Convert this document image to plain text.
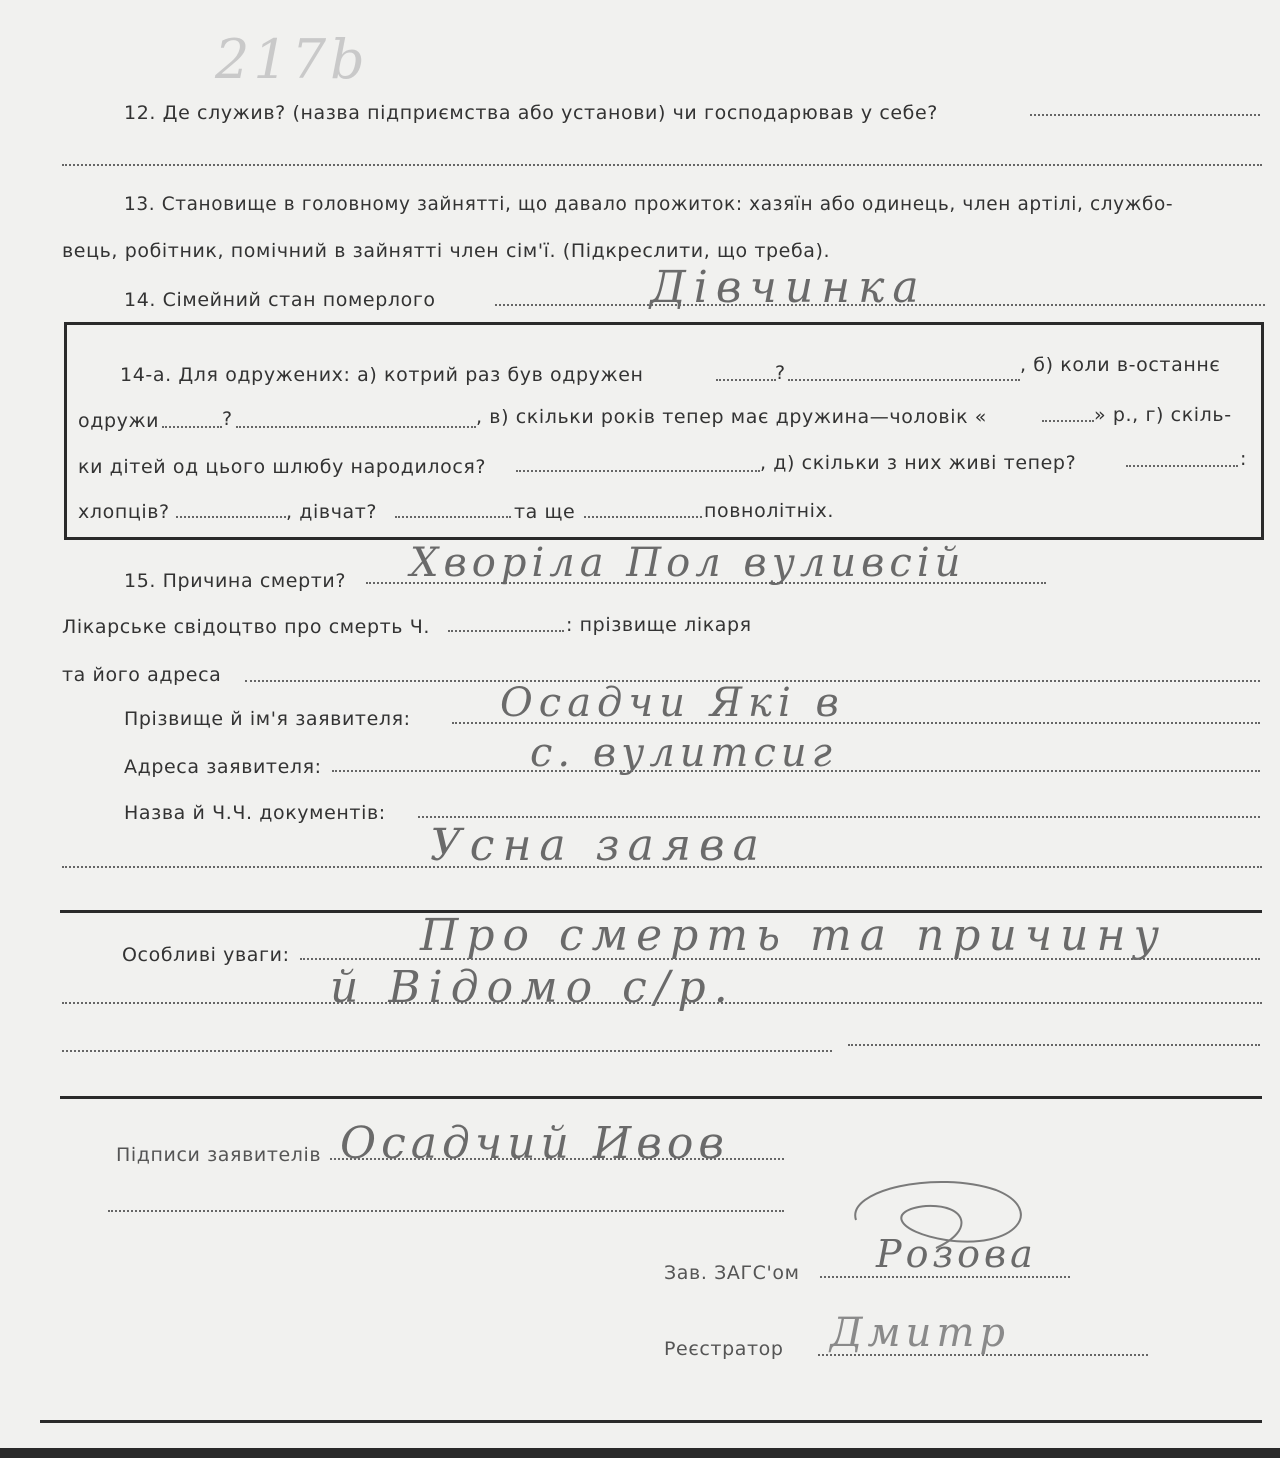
217b
12. Де служив? (назва підприємства або установи) чи господарював у себе?
13. Становище в головному зайнятті, що давало прожиток: хазяїн або одинець, член артілі, службо-
вець, робітник, помічний в зайнятті член сім'ї. (Підкреслити, що треба).
14. Сімейний стан померлого	Дівчинка
14-а. Для одружених: а) котрий раз був одружен	?	, б) коли в-останнє
одружи	?	, в) скільки років тепер має дружина—чоловік «	» р., г) скіль-
ки дітей од цього шлюбу народилося?	, д) скільки з них живі тепер?	:
хлопців?	, дівчат?	та ще	повнолітніх.
15. Причина смерти? Хворіла Пол вуливсій
Лікарське свідоцтво про смерть Ч.	: прізвище лікаря
та його адреса
Прізвище й ім'я заявителя: Осадчи Які в
Адреса заявителя:	с. вулитсиг
Назва й Ч.Ч. документів:
Усна заява
Особливі уваги:	Про смерть та причину
й Відомо с/р.
Підписи заявителів Осадчий Ивов
Зав. ЗАГС'ом Розова
Реєстратор Дмитр
